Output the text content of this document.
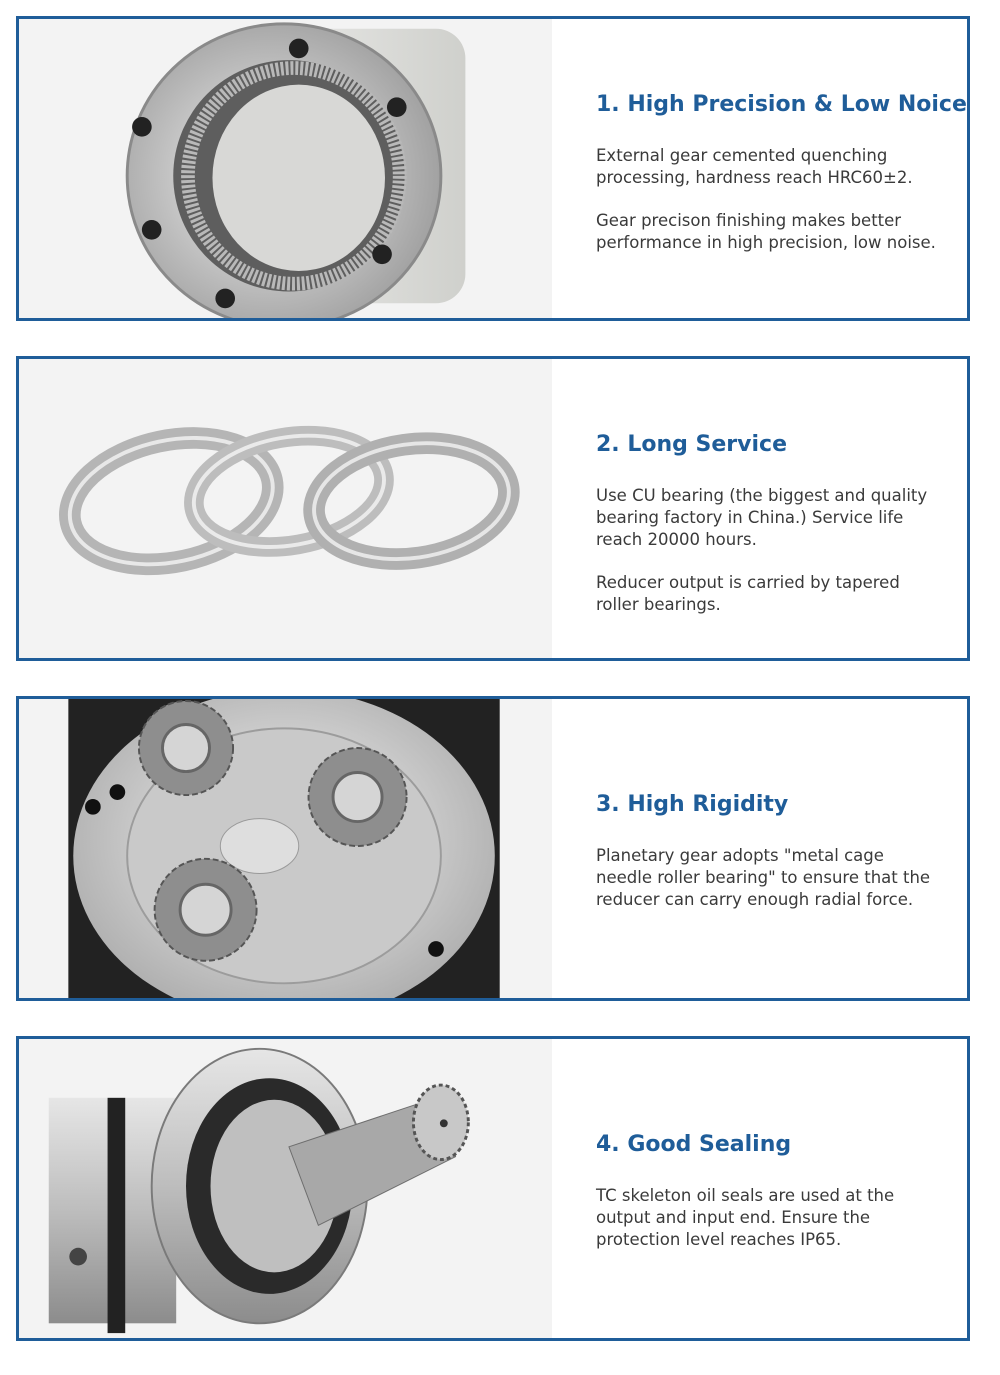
1. High Precision & Low Noice

External gear cemented quenching
processing, hardness reach HRC60±2.

Gear precison finishing makes better
performance in high precision, low noise.

2. Long Service

Use CU bearing (the biggest and quality
bearing factory in China.) Service life
reach 20000 hours.

Reducer output is carried by tapered
roller bearings.

3. High Rigidity

Planetary gear adopts "metal cage
needle roller bearing" to ensure that the
reducer can carry enough radial force.

4. Good Sealing

TC skeleton oil seals are used at the
output and input end. Ensure the
protection level reaches IP65.
